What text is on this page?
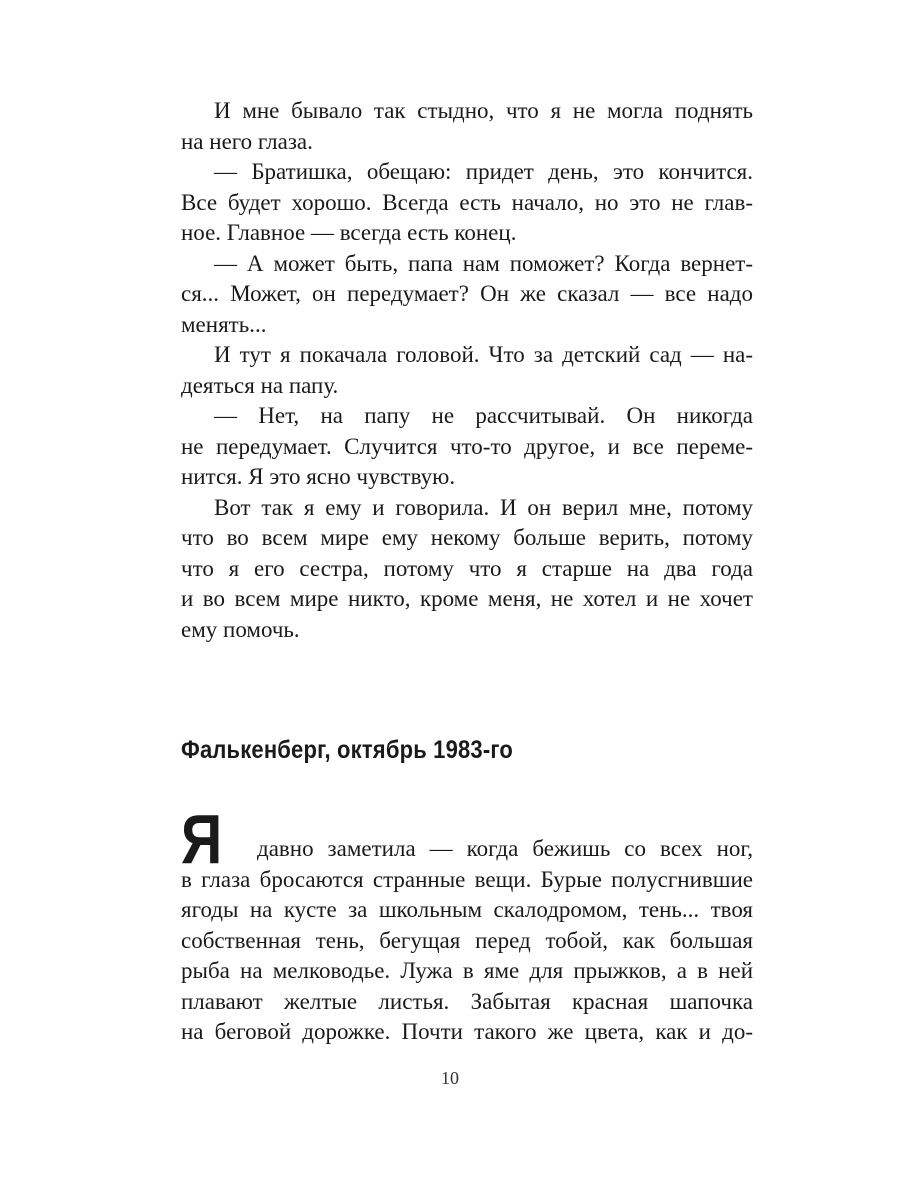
И мне бывало так стыдно, что я не могла поднять
на него глаза.
— Братишка, обещаю: придет день, это кончится.
Все будет хорошо. Всегда есть начало, но это не глав-
ное. Главное — всегда есть конец.
— А может быть, папа нам поможет? Когда вернет-
ся... Может, он передумает? Он же сказал — все надо
менять...
И тут я покачала головой. Что за детский сад — на-
деяться на папу.
— Нет, на папу не рассчитывай. Он никогда
не передумает. Случится что-то другое, и все переме-
нится. Я это ясно чувствую.
Вот так я ему и говорила. И он верил мне, потому
что во всем мире ему некому больше верить, потому
что я его сестра, потому что я старше на два года
и во всем мире никто, кроме меня, не хотел и не хочет
ему помочь.
Фалькенберг, октябрь 1983-го
Я	давно заметила — когда бежишь со всех ног,
в глаза бросаются странные вещи. Бурые полусгнившие
ягоды на кусте за школьным скалодромом, тень... твоя
собственная тень, бегущая перед тобой, как большая
рыба на мелководье. Лужа в яме для прыжков, а в ней
плавают желтые листья. Забытая красная шапочка
на беговой дорожке. Почти такого же цвета, как и до-
10
